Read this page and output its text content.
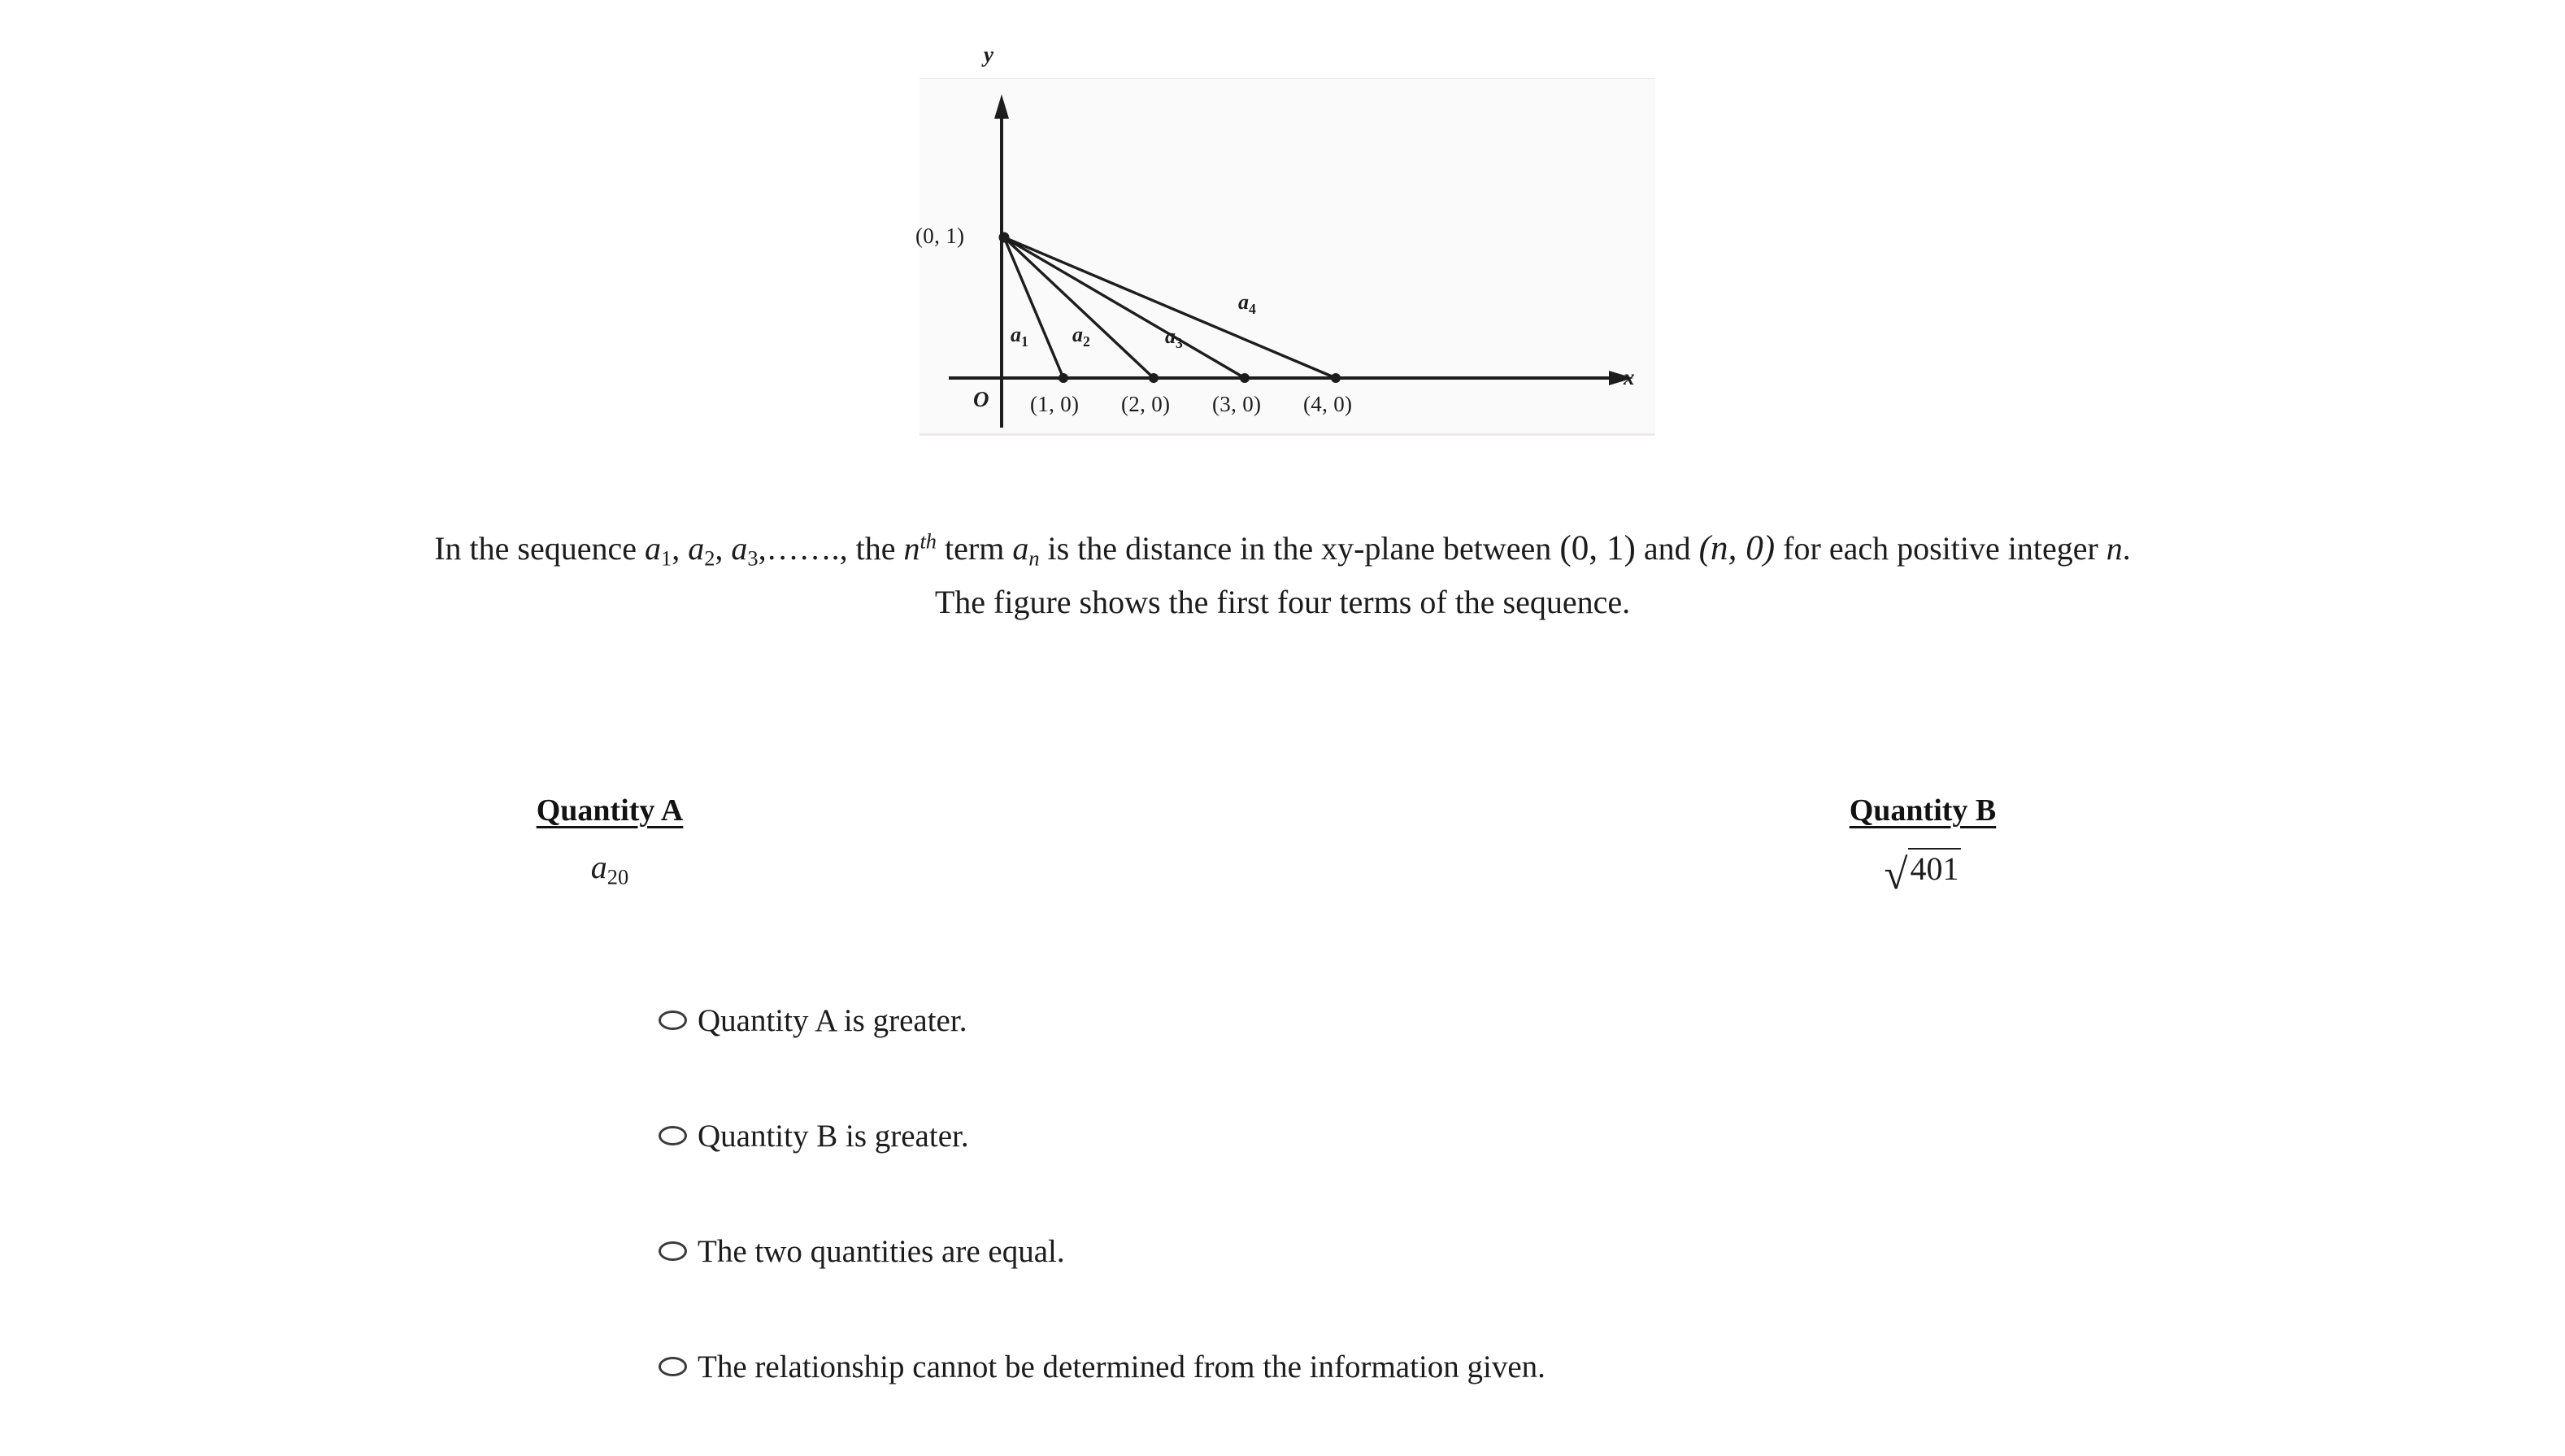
y
x
(0, 1)
O (1, 0) (2, 0) (3, 0) (4, 0)
$a_1$ $a_2$	$a_3$
$a_4$
In the sequence a1, a2, a3,……., the $n^{th}$ term an is the distance in the xy-plane between (0, 1) and (n, 0) for each positive integer n.
The figure shows the first four terms of the sequence.
Quantity A
a20
Quantity B
√401
Quantity A is greater.
Quantity B is greater.
The two quantities are equal.
The relationship cannot be determined from the information given.
